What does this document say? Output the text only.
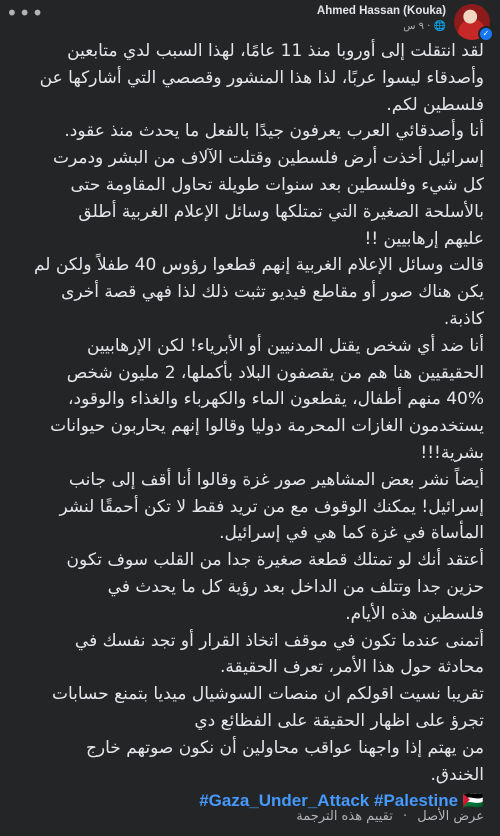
•••
✓
Ahmed Hassan (Kouka)
🌐 · ٩ س

لقد انتقلت إلى أوروبا منذ 11 عامًا، لهذا السبب لدي متابعين
وأصدقاء ليسوا عربًا، لذا هذا المنشور وقصصي التي أشاركها عن
فلسطين لكم.

أنا وأصدقائي العرب يعرفون جيدًا بالفعل ما يحدث منذ عقود.
إسرائيل أخذت أرض فلسطين وقتلت الآلاف من البشر ودمرت
كل شيء وفلسطين بعد سنوات طويلة تحاول المقاومة حتى
بالأسلحة الصغيرة التي تمتلكها وسائل الإعلام الغربية أطلق
عليهم إرهابيين !!

قالت وسائل الإعلام الغربية إنهم قطعوا رؤوس 40 طفلاً ولكن لم
يكن هناك صور أو مقاطع فيديو تثبت ذلك لذا فهي قصة أخرى
كاذبة.

أنا ضد أي شخص يقتل المدنيين أو الأبرياء! لكن الإرهابيين
الحقيقيين هنا هم من يقصفون البلاد بأكملها، 2 مليون شخص
40% منهم أطفال، يقطعون الماء والكهرباء والغذاء والوقود،
يستخدمون الغازات المحرمة دوليا وقالوا إنهم يحاربون حيوانات
بشرية!!!

أيضاً نشر بعض المشاهير صور غزة وقالوا أنا أقف إلى جانب
إسرائيل! يمكنك الوقوف مع من تريد فقط لا تكن أحمقًا لنشر
المأساة في غزة كما هي في إسرائيل.

أعتقد أنك لو تمتلك قطعة صغيرة جدا من القلب سوف تكون
حزين جدا وتتلف من الداخل بعد رؤية كل ما يحدث في
فلسطين هذه الأيام.

أتمنى عندما تكون في موقف اتخاذ القرار أو تجد نفسك في
محادثة حول هذا الأمر، تعرف الحقيقة.

تقريبا نسيت اقولكم ان منصات السوشيال ميديا بتمنع حسابات
تجرؤ على اظهار الحقيقة على الفظائع دي

من يهتم إذا واجهنا عواقب محاولين أن نكون صوتهم خارج
الخندق.

#Gaza_Under_Attack #Palestine 🇵🇸
عرض الأصل · تقييم هذه الترجمة
